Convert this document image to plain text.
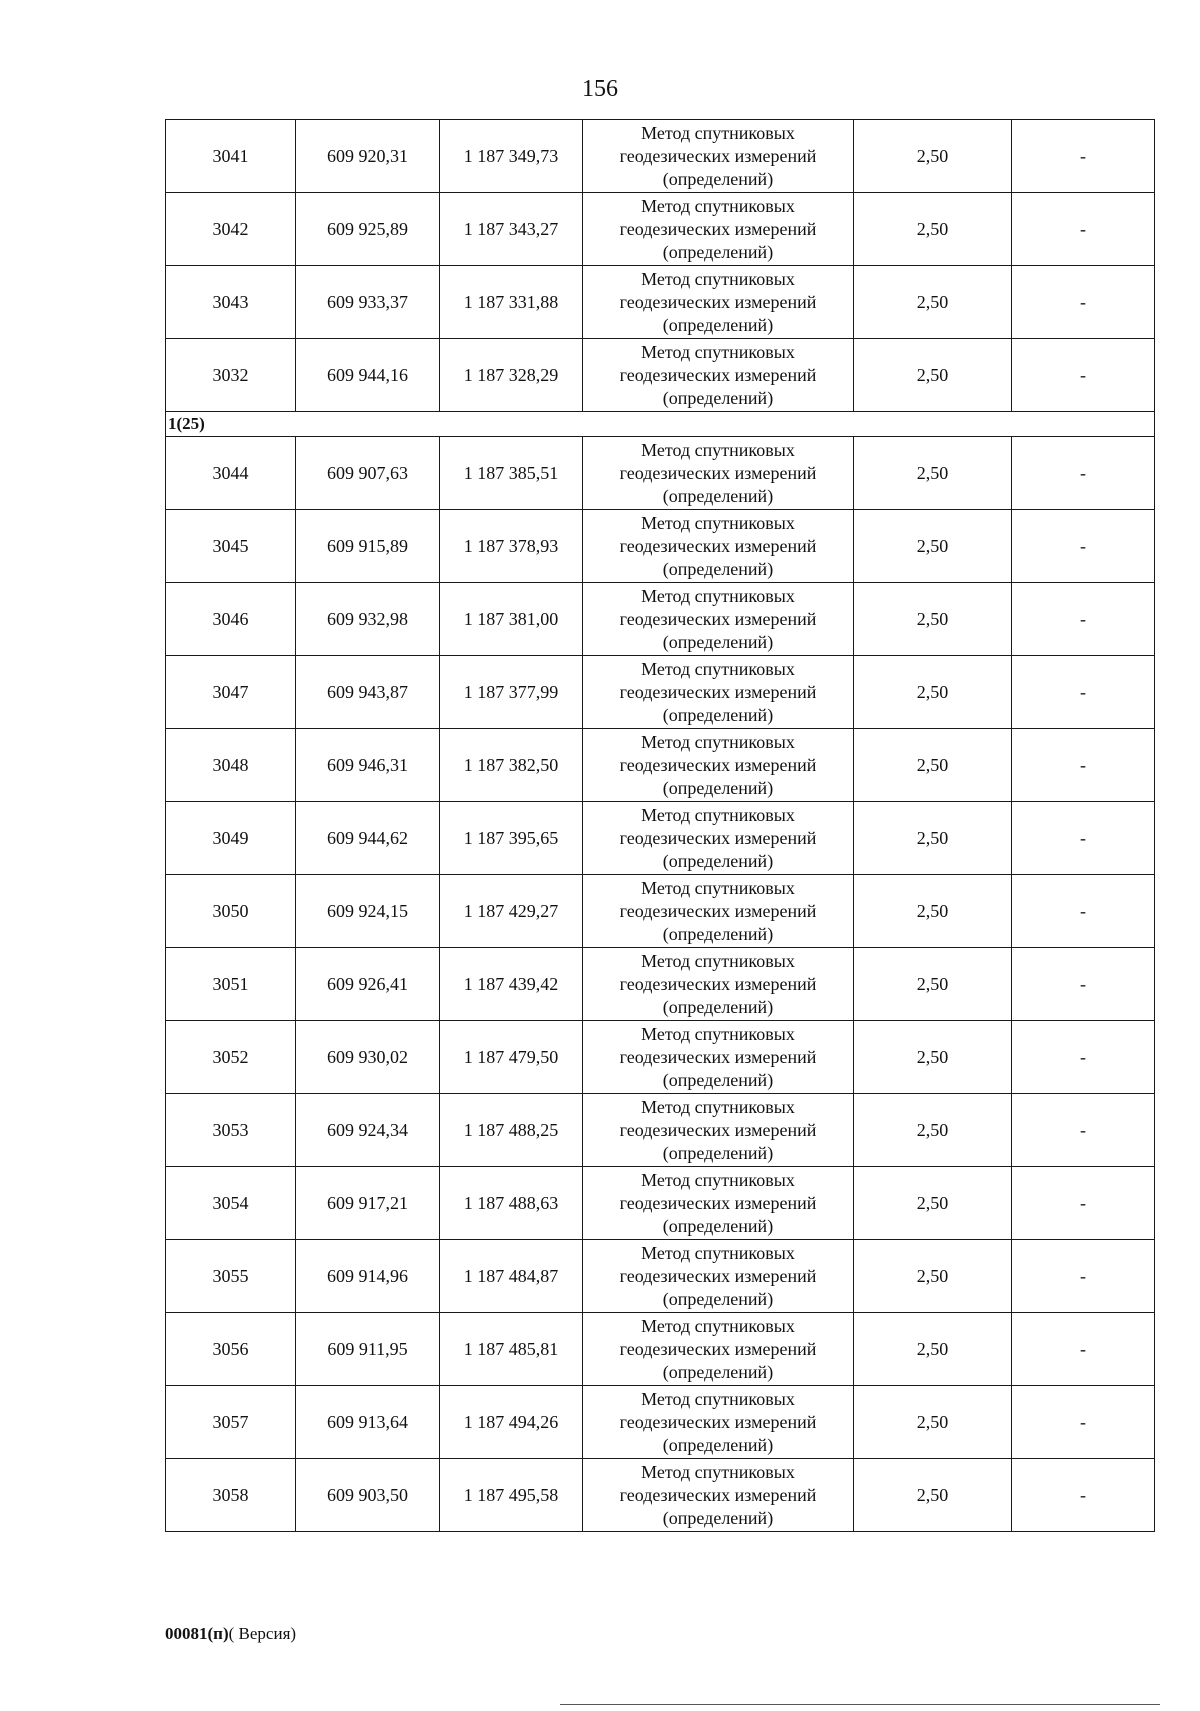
156
3041	609 920,31	1 187 349,73	Метод спутниковых
геодезических измерений
(определений)	2,50	-
3042	609 925,89	1 187 343,27	Метод спутниковых
геодезических измерений
(определений)	2,50	-
3043	609 933,37	1 187 331,88	Метод спутниковых
геодезических измерений
(определений)	2,50	-
3032	609 944,16	1 187 328,29	Метод спутниковых
геодезических измерений
(определений)	2,50	-
1(25)					
3044	609 907,63	1 187 385,51	Метод спутниковых
геодезических измерений
(определений)	2,50	-
3045	609 915,89	1 187 378,93	Метод спутниковых
геодезических измерений
(определений)	2,50	-
3046	609 932,98	1 187 381,00	Метод спутниковых
геодезических измерений
(определений)	2,50	-
3047	609 943,87	1 187 377,99	Метод спутниковых
геодезических измерений
(определений)	2,50	-
3048	609 946,31	1 187 382,50	Метод спутниковых
геодезических измерений
(определений)	2,50	-
3049	609 944,62	1 187 395,65	Метод спутниковых
геодезических измерений
(определений)	2,50	-
3050	609 924,15	1 187 429,27	Метод спутниковых
геодезических измерений
(определений)	2,50	-
3051	609 926,41	1 187 439,42	Метод спутниковых
геодезических измерений
(определений)	2,50	-
3052	609 930,02	1 187 479,50	Метод спутниковых
геодезических измерений
(определений)	2,50	-
3053	609 924,34	1 187 488,25	Метод спутниковых
геодезических измерений
(определений)	2,50	-
3054	609 917,21	1 187 488,63	Метод спутниковых
геодезических измерений
(определений)	2,50	-
3055	609 914,96	1 187 484,87	Метод спутниковых
геодезических измерений
(определений)	2,50	-
3056	609 911,95	1 187 485,81	Метод спутниковых
геодезических измерений
(определений)	2,50	-
3057	609 913,64	1 187 494,26	Метод спутниковых
геодезических измерений
(определений)	2,50	-
3058	609 903,50	1 187 495,58	Метод спутниковых
геодезических измерений
(определений)	2,50	-
00081(п)( Версия)
